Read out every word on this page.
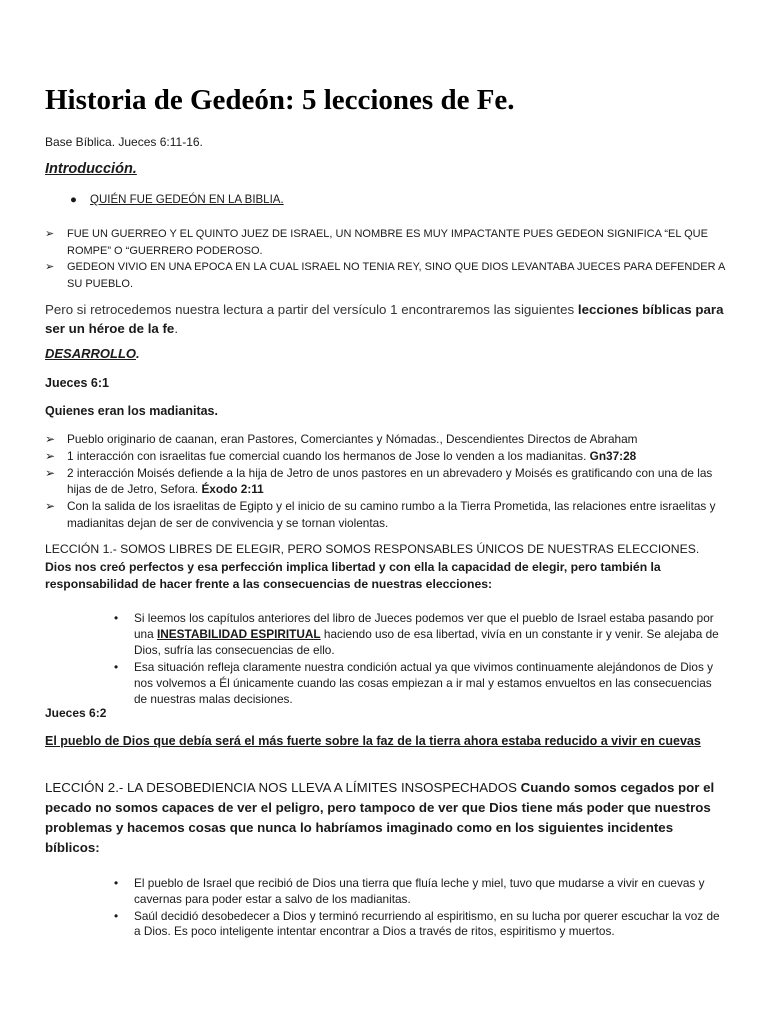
Historia de Gedeón: 5 lecciones de Fe.

Base Bíblica. Jueces 6:11-16.

Introducción.

● QUIÉN FUE GEDEÓN EN LA BIBLIA.
➢ FUE UN GUERREO Y EL QUINTO JUEZ DE ISRAEL, UN NOMBRE ES MUY IMPACTANTE PUES GEDEON SIGNIFICA “EL QUE ROMPE” O “GUERRERO PODEROSO.
➢ GEDEON VIVIO EN UNA EPOCA EN LA CUAL ISRAEL NO TENIA REY, SINO QUE DIOS LEVANTABA JUECES PARA DEFENDER A SU PUEBLO.

Pero si retrocedemos nuestra lectura a partir del versículo 1 encontraremos las siguientes lecciones bíblicas para ser un héroe de la fe.

DESARROLLO.

Jueces 6:1

Quienes eran los madianitas.

➢ Pueblo originario de caanan, eran Pastores, Comerciantes y Nómadas., Descendientes Directos de Abraham
➢ 1 interacción con israelitas fue comercial cuando los hermanos de Jose lo venden a los madianitas. Gn37:28
➢ 2 interacción Moisés defiende a la hija de Jetro de unos pastores en un abrevadero y Moisés es gratificando con una de las hijas de de Jetro, Sefora. Éxodo 2:11
➢ Con la salida de los israelitas de Egipto y el inicio de su camino rumbo a la Tierra Prometida, las relaciones entre israelitas y madianitas dejan de ser de convivencia y se tornan violentas.

LECCIÓN 1.- SOMOS LIBRES DE ELEGIR, PERO SOMOS RESPONSABLES ÚNICOS DE NUESTRAS ELECCIONES. Dios nos creó perfectos y esa perfección implica libertad y con ella la capacidad de elegir, pero también la responsabilidad de hacer frente a las consecuencias de nuestras elecciones:

• Si leemos los capítulos anteriores del libro de Jueces podemos ver que el pueblo de Israel estaba pasando por una INESTABILIDAD ESPIRITUAL haciendo uso de esa libertad, vivía en un constante ir y venir. Se alejaba de Dios, sufría las consecuencias de ello.
• Esa situación refleja claramente nuestra condición actual ya que vivimos continuamente alejándonos de Dios y nos volvemos a Él únicamente cuando las cosas empiezan a ir mal y estamos envueltos en las consecuencias de nuestras malas decisiones.

Jueces 6:2

El pueblo de Dios que debía será el más fuerte sobre la faz de la tierra ahora estaba reducido a vivir en cuevas

LECCIÓN 2.- LA DESOBEDIENCIA NOS LLEVA A LÍMITES INSOSPECHADOS Cuando somos cegados por el pecado no somos capaces de ver el peligro, pero tampoco de ver que Dios tiene más poder que nuestros problemas y hacemos cosas que nunca lo habríamos imaginado como en los siguientes incidentes bíblicos:

• El pueblo de Israel que recibió de Dios una tierra que fluía leche y miel, tuvo que mudarse a vivir en cuevas y cavernas para poder estar a salvo de los madianitas.
• Saúl decidió desobedecer a Dios y terminó recurriendo al espiritismo, en su lucha por querer escuchar la voz de a Dios. Es poco inteligente intentar encontrar a Dios a través de ritos, espiritismo y muertos.
